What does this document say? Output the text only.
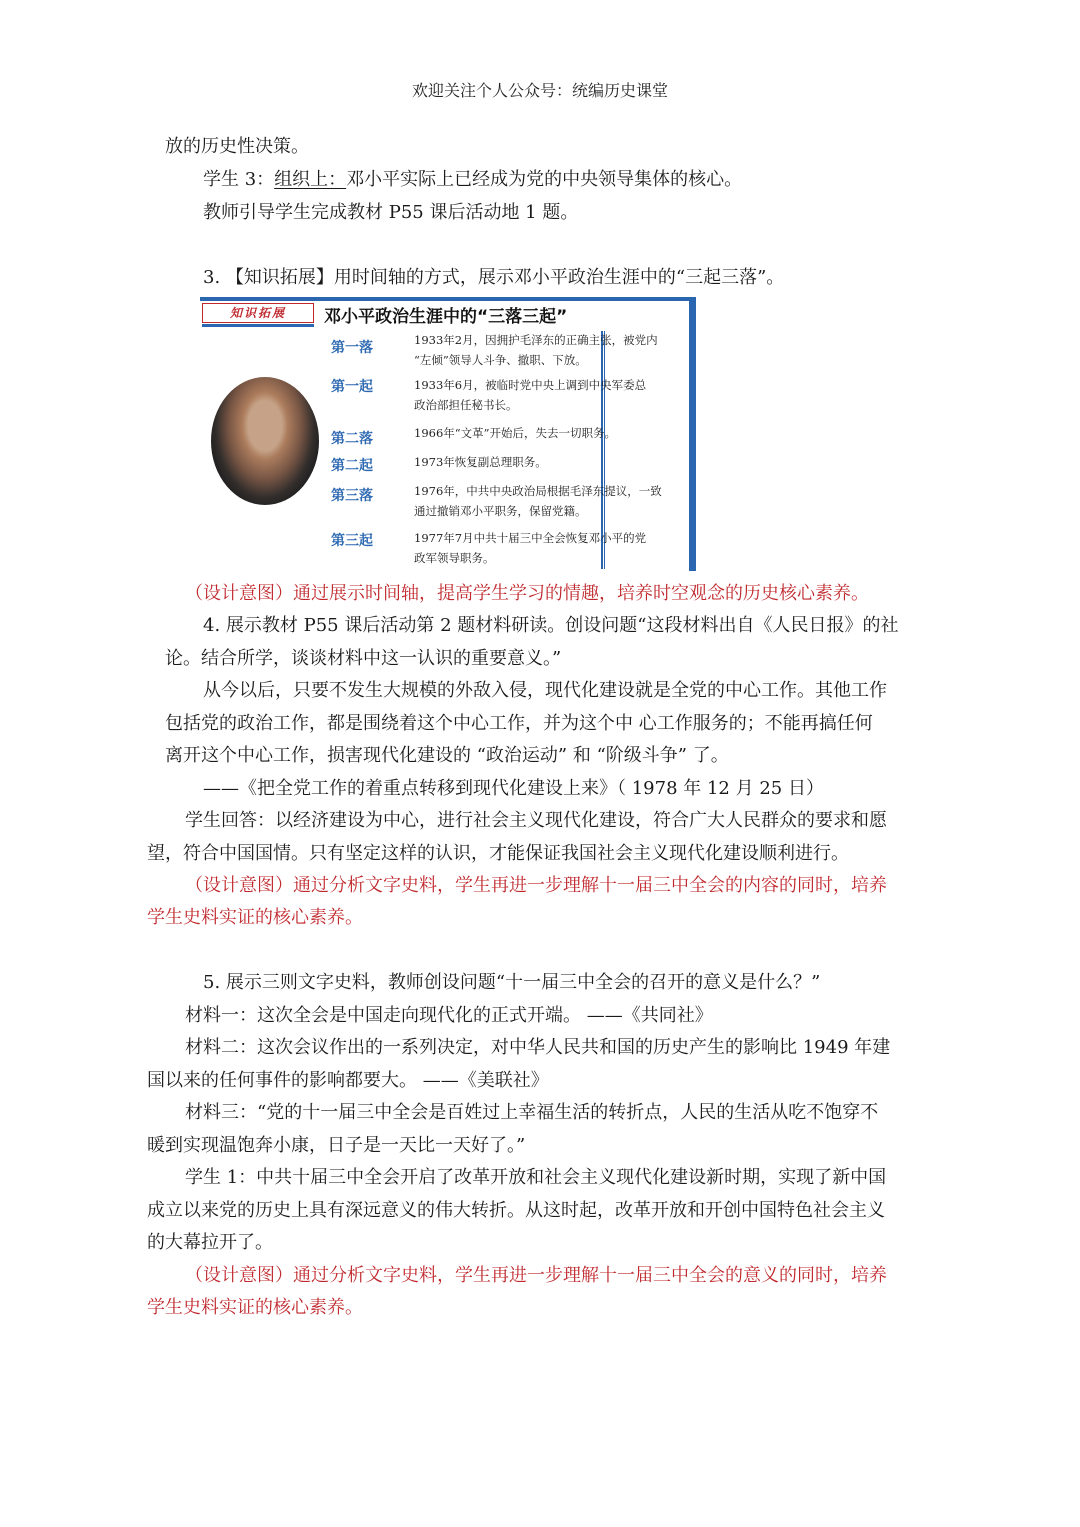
欢迎关注个人公众号：统编历史课堂
放的历史性决策。
学生 3：组织上：邓小平实际上已经成为党的中央领导集体的核心。
教师引导学生完成教材 P55 课后活动地 1 题。
3. 【知识拓展】用时间轴的方式，展示邓小平政治生涯中的“三起三落”。
知识拓展	邓小平政治生涯中的“三落三起”
第一落	1933年2月，因拥护毛泽东的正确主张，被党内
“左倾”领导人斗争、撤职、下放。
第一起	1933年6月，被临时党中央上调到中央军委总
政治部担任秘书长。
第二落	1966年“文革”开始后，失去一切职务。
第二起	1973年恢复副总理职务。
第三落	1976年，中共中央政治局根据毛泽东提议，一致
通过撤销邓小平职务，保留党籍。
第三起	1977年7月中共十届三中全会恢复邓小平的党
政军领导职务。
（设计意图）通过展示时间轴，提高学生学习的情趣，培养时空观念的历史核心素养。
4. 展示教材 P55 课后活动第 2 题材料研读。创设问题“这段材料出自《人民日报》的社
论。结合所学，谈谈材料中这一认识的重要意义。”
从今以后，只要不发生大规模的外敌入侵，现代化建设就是全党的中心工作。其他工作
包括党的政治工作，都是围绕着这个中心工作，并为这个中 心工作服务的；不能再搞任何
离开这个中心工作，损害现代化建设的 “政治运动” 和 “阶级斗争” 了。
——《把全党工作的着重点转移到现代化建设上来》（ 1978 年 12 月 25 日）
学生回答：以经济建设为中心，进行社会主义现代化建设，符合广大人民群众的要求和愿
望，符合中国国情。只有坚定这样的认识，才能保证我国社会主义现代化建设顺利进行。
（设计意图）通过分析文字史料，学生再进一步理解十一届三中全会的内容的同时，培养
学生史料实证的核心素养。
5. 展示三则文字史料，教师创设问题“十一届三中全会的召开的意义是什么？”
材料一：这次全会是中国走向现代化的正式开端。 ——《共同社》
材料二：这次会议作出的一系列决定，对中华人民共和国的历史产生的影响比 1949 年建
国以来的任何事件的影响都要大。 ——《美联社》
材料三：“党的十一届三中全会是百姓过上幸福生活的转折点，人民的生活从吃不饱穿不
暖到实现温饱奔小康，日子是一天比一天好了。”
学生 1：中共十届三中全会开启了改革开放和社会主义现代化建设新时期，实现了新中国
成立以来党的历史上具有深远意义的伟大转折。从这时起，改革开放和开创中国特色社会主义
的大幕拉开了。
（设计意图）通过分析文字史料，学生再进一步理解十一届三中全会的意义的同时，培养
学生史料实证的核心素养。
